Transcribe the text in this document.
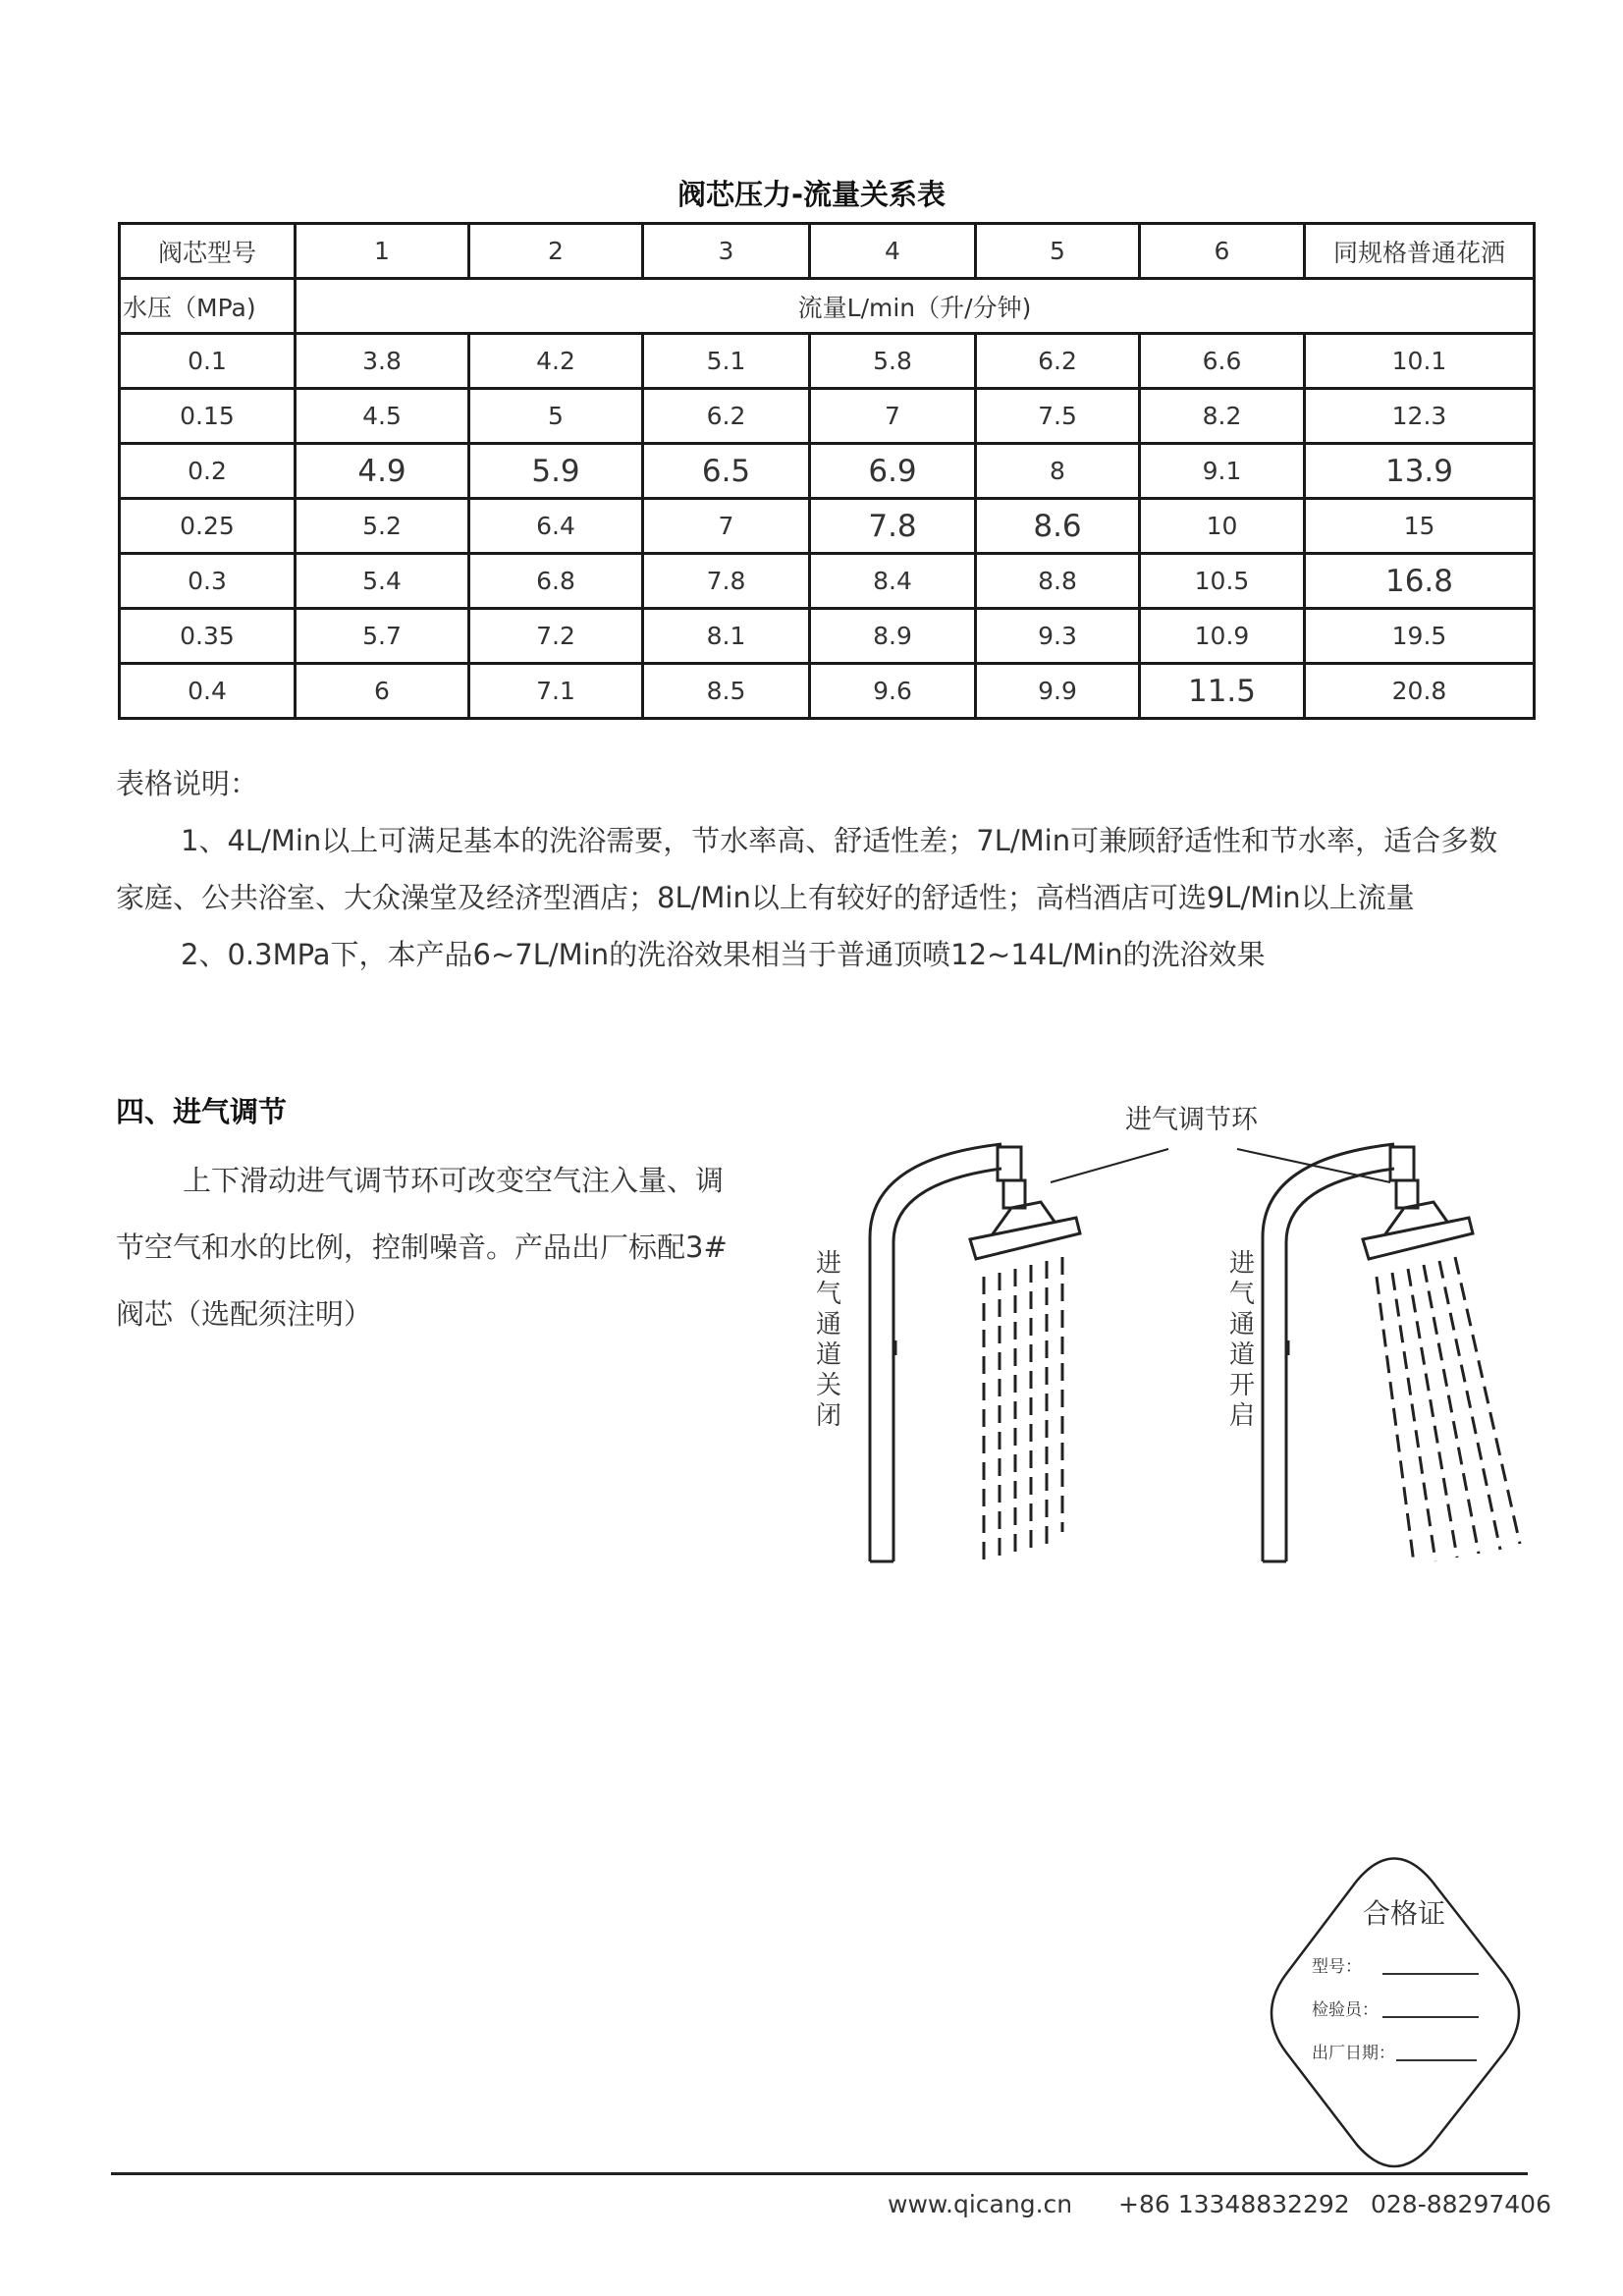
阀芯压力-流量关系表
阀芯型号	1	2	3	4	5	6	同规格普通花洒
水压（MPa)	流量L/min（升/分钟)						
0.1	3.8	4.2	5.1	5.8	6.2	6.6	10.1
0.15	4.5	5	6.2	7	7.5	8.2	12.3
0.2	4.9	5.9	6.5	6.9	8	9.1	13.9
0.25	5.2	6.4	7	7.8	8.6	10	15
0.3	5.4	6.8	7.8	8.4	8.8	10.5	16.8
0.35	5.7	7.2	8.1	8.9	9.3	10.9	19.5
0.4	6	7.1	8.5	9.6	9.9	11.5	20.8
表格说明：
1、4L/Min以上可满足基本的洗浴需要，节水率高、舒适性差；7L/Min可兼顾舒适性和节水率，适合多数
家庭、公共浴室、大众澡堂及经济型酒店；8L/Min以上有较好的舒适性；高档酒店可选9L/Min以上流量
2、0.3MPa下，本产品6~7L/Min的洗浴效果相当于普通顶喷12~14L/Min的洗浴效果
四、进气调节
上下滑动进气调节环可改变空气注入量、调
节空气和水的比例，控制噪音。产品出厂标配3#
阀芯（选配须注明）
进气调节环
进气通道关闭
进气通道开启
合格证
型号：
检验员：
出厂日期：
www.qicang.cn +86 13348832292 028-88297406
